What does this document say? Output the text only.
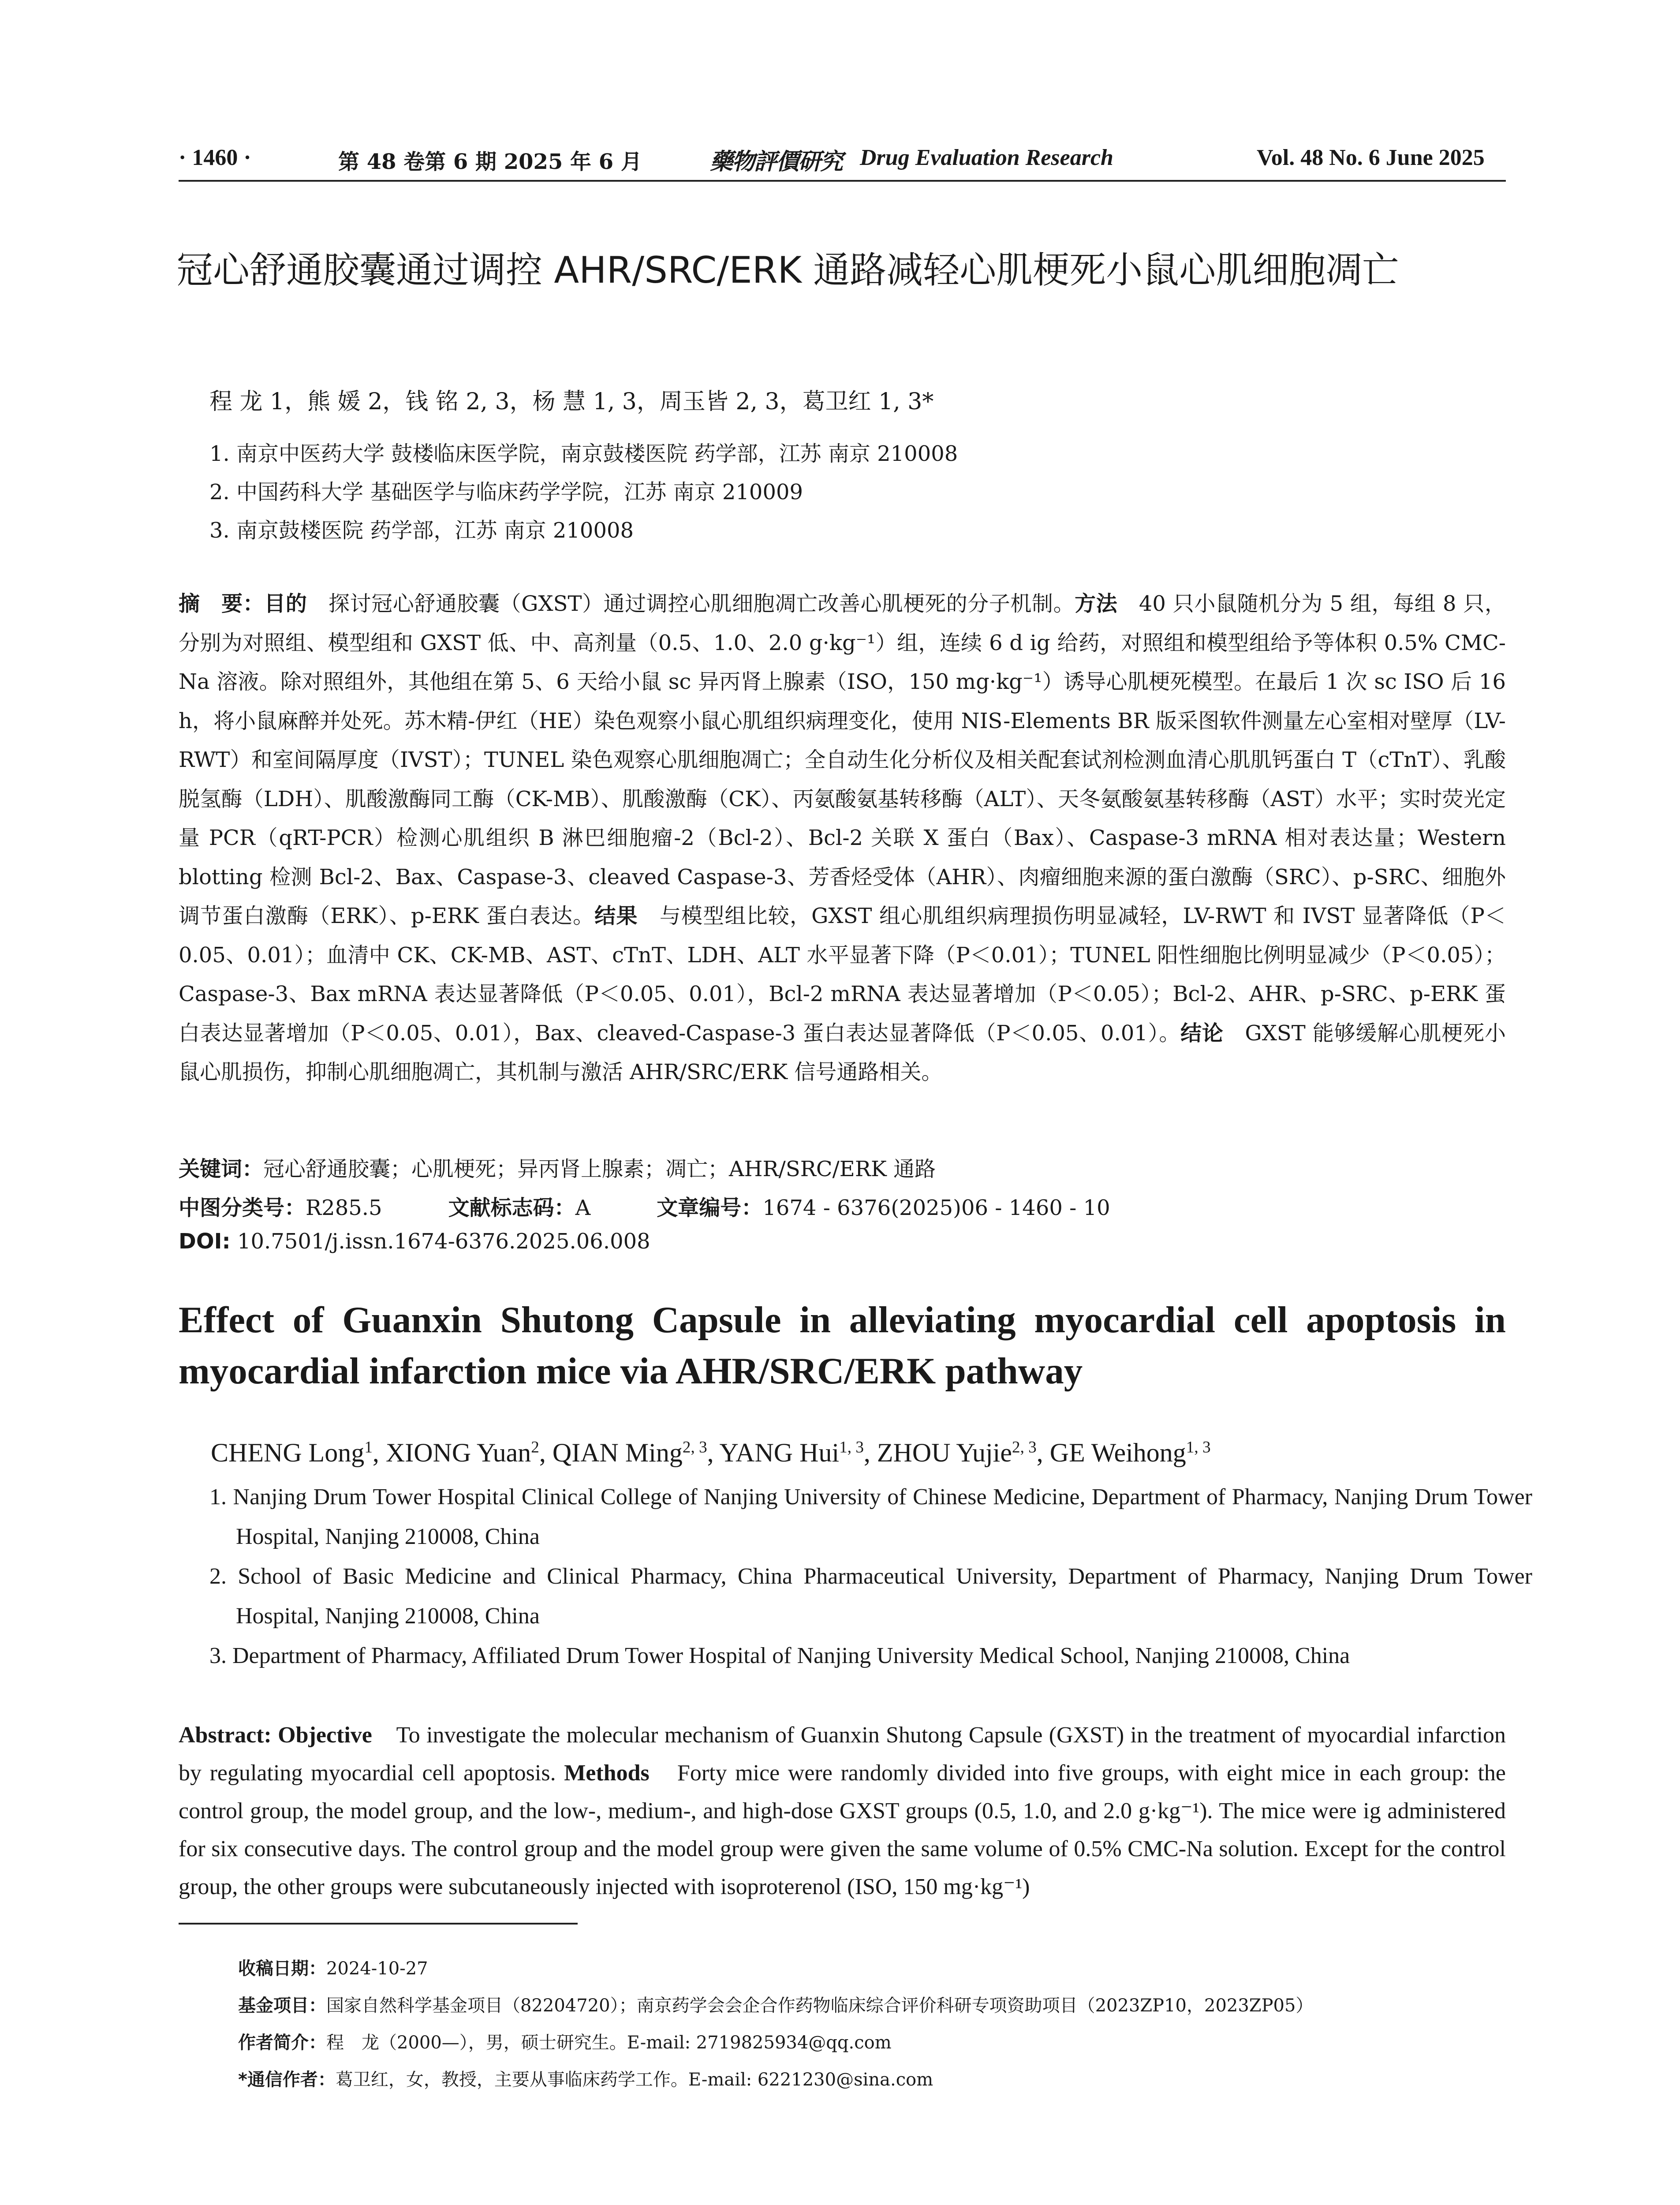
· 1460 ·	第 48 卷第 6 期 2025 年 6 月	藥物評價研究 Drug Evaluation Research	Vol. 48 No. 6 June 2025
冠心舒通胶囊通过调控 AHR/SRC/ERK 通路减轻心肌梗死小鼠心肌细胞凋亡
程 龙 1，熊 媛 2，钱 铭 2, 3，杨 慧 1, 3，周玉皆 2, 3，葛卫红 1, 3*
1. 南京中医药大学 鼓楼临床医学院，南京鼓楼医院 药学部，江苏 南京 210008
2. 中国药科大学 基础医学与临床药学学院，江苏 南京 210009
3. 南京鼓楼医院 药学部，江苏 南京 210008

摘　要：目的　探讨冠心舒通胶囊（GXST）通过调控心肌细胞凋亡改善心肌梗死的分子机制。方法　40 只小鼠随机分为 5 组，每组 8 只，分别为对照组、模型组和 GXST 低、中、高剂量（0.5、1.0、2.0 g·kg⁻¹）组，连续 6 d ig 给药，对照组和模型组给予等体积 0.5% CMC-Na 溶液。除对照组外，其他组在第 5、6 天给小鼠 sc 异丙肾上腺素（ISO，150 mg·kg⁻¹）诱导心肌梗死模型。在最后 1 次 sc ISO 后 16 h，将小鼠麻醉并处死。苏木精-伊红（HE）染色观察小鼠心肌组织病理变化，使用 NIS-Elements BR 版采图软件测量左心室相对壁厚（LV-RWT）和室间隔厚度（IVST）；TUNEL 染色观察心肌细胞凋亡；全自动生化分析仪及相关配套试剂检测血清心肌肌钙蛋白 T（cTnT）、乳酸脱氢酶（LDH）、肌酸激酶同工酶（CK-MB）、肌酸激酶（CK）、丙氨酸氨基转移酶（ALT）、天冬氨酸氨基转移酶（AST）水平；实时荧光定量 PCR（qRT-PCR）检测心肌组织 B 淋巴细胞瘤-2（Bcl-2）、Bcl-2 关联 X 蛋白（Bax）、Caspase-3 mRNA 相对表达量；Western blotting 检测 Bcl-2、Bax、Caspase-3、cleaved Caspase-3、芳香烃受体（AHR）、肉瘤细胞来源的蛋白激酶（SRC）、p-SRC、细胞外调节蛋白激酶（ERK）、p-ERK 蛋白表达。结果　与模型组比较，GXST 组心肌组织病理损伤明显减轻，LV-RWT 和 IVST 显著降低（P＜0.05、0.01）；血清中 CK、CK-MB、AST、cTnT、LDH、ALT 水平显著下降（P＜0.01）；TUNEL 阳性细胞比例明显减少（P＜0.05）；Caspase-3、Bax mRNA 表达显著降低（P＜0.05、0.01），Bcl-2 mRNA 表达显著增加（P＜0.05）；Bcl-2、AHR、p-SRC、p-ERK 蛋白表达显著增加（P＜0.05、0.01），Bax、cleaved-Caspase-3 蛋白表达显著降低（P＜0.05、0.01）。结论　GXST 能够缓解心肌梗死小鼠心肌损伤，抑制心肌细胞凋亡，其机制与激活 AHR/SRC/ERK 信号通路相关。

关键词：冠心舒通胶囊；心肌梗死；异丙肾上腺素；凋亡；AHR/SRC/ERK 通路
中图分类号：R285.5	文献标志码：A	文章编号：1674 - 6376(2025)06 - 1460 - 10
DOI: 10.7501/j.issn.1674-6376.2025.06.008
Effect of Guanxin Shutong Capsule in alleviating myocardial cell apoptosis in myocardial infarction mice via AHR/SRC/ERK pathway
CHENG Long$^1$, XIONG Yuan$^2$, QIAN Ming$^{2, 3}$, YANG Hui$^{1, 3}$, ZHOU Yujie$^{2, 3}$, GE Weihong$^{1, 3}$
1. Nanjing Drum Tower Hospital Clinical College of Nanjing University of Chinese Medicine, Department of Pharmacy, Nanjing Drum Tower Hospital, Nanjing 210008, China
2. School of Basic Medicine and Clinical Pharmacy, China Pharmaceutical University, Department of Pharmacy, Nanjing Drum Tower Hospital, Nanjing 210008, China
3. Department of Pharmacy, Affiliated Drum Tower Hospital of Nanjing University Medical School, Nanjing 210008, China

Abstract: Objective　To investigate the molecular mechanism of Guanxin Shutong Capsule (GXST) in the treatment of myocardial infarction by regulating myocardial cell apoptosis. Methods　Forty mice were randomly divided into five groups, with eight mice in each group: the control group, the model group, and the low-, medium-, and high-dose GXST groups (0.5, 1.0, and 2.0 g·kg⁻¹). The mice were ig administered for six consecutive days. The control group and the model group were given the same volume of 0.5% CMC-Na solution. Except for the control group, the other groups were subcutaneously injected with isoproterenol (ISO, 150 mg·kg⁻¹)

收稿日期：2024-10-27
基金项目：国家自然科学基金项目（82204720）；南京药学会会企合作药物临床综合评价科研专项资助项目（2023ZP10，2023ZP05）
作者简介：程　龙（2000—），男，硕士研究生。E-mail: 2719825934@qq.com
*通信作者：葛卫红，女，教授，主要从事临床药学工作。E-mail: 6221230@sina.com
